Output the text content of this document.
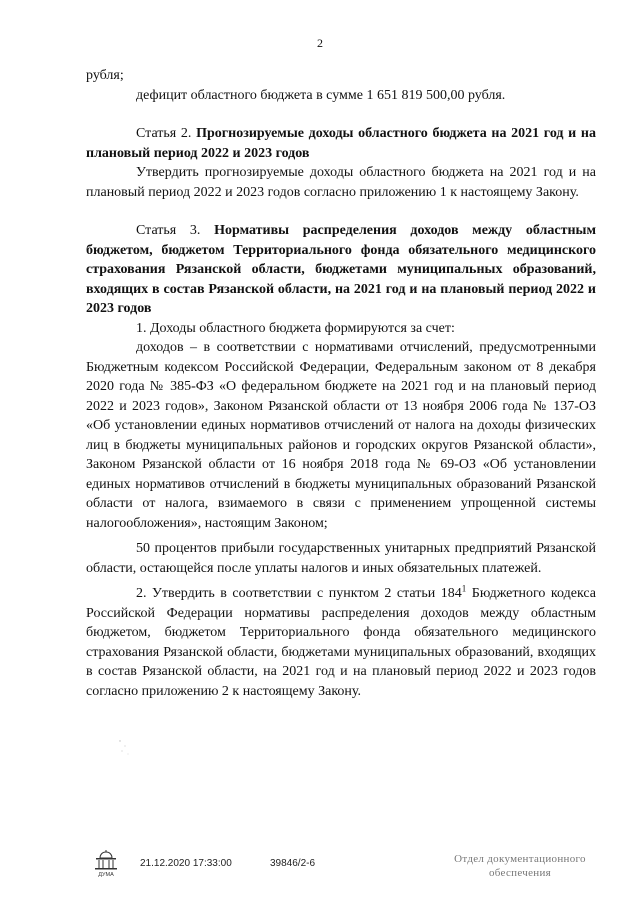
2

рубля;

дефицит областного бюджета в сумме 1 651 819 500,00 рубля.

Статья 2. Прогнозируемые доходы областного бюджета на 2021 год и на плановый период 2022 и 2023 годов

Утвердить прогнозируемые доходы областного бюджета на 2021 год и на плановый период 2022 и 2023 годов согласно приложению 1 к настоящему Закону.

Статья 3. Нормативы распределения доходов между областным бюджетом, бюджетом Территориального фонда обязательного медицинского страхования Рязанской области, бюджетами муниципальных образований, входящих в состав Рязанской области, на 2021 год и на плановый период 2022 и 2023 годов

1. Доходы областного бюджета формируются за счет:

доходов – в соответствии с нормативами отчислений, предусмотренными Бюджетным кодексом Российской Федерации, Федеральным законом от 8 декабря 2020 года № 385-ФЗ «О федеральном бюджете на 2021 год и на плановый период 2022 и 2023 годов», Законом Рязанской области от 13 ноября 2006 года № 137-ОЗ «Об установлении единых нормативов отчислений от налога на доходы физических лиц в бюджеты муниципальных районов и городских округов Рязанской области», Законом Рязанской области от 16 ноября 2018 года № 69-ОЗ «Об установлении единых нормативов отчислений в бюджеты муниципальных образований Рязанской области от налога, взимаемого в связи с применением упрощенной системы налогообложения», настоящим Законом;

50 процентов прибыли государственных унитарных предприятий Рязанской области, остающейся после уплаты налогов и иных обязательных платежей.

2. Утвердить в соответствии с пунктом 2 статьи $184^1$ Бюджетного кодекса Российской Федерации нормативы распределения доходов между областным бюджетом, бюджетом Территориального фонда обязательного медицинского страхования Рязанской области, бюджетами муниципальных образований, входящих в состав Рязанской области, на 2021 год и на плановый период 2022 и 2023 годов согласно приложению 2 к настоящему Закону.

ДУМА
21.12.2020 17:33:00	39846/2-6	Отдел документационного
обеспечения
